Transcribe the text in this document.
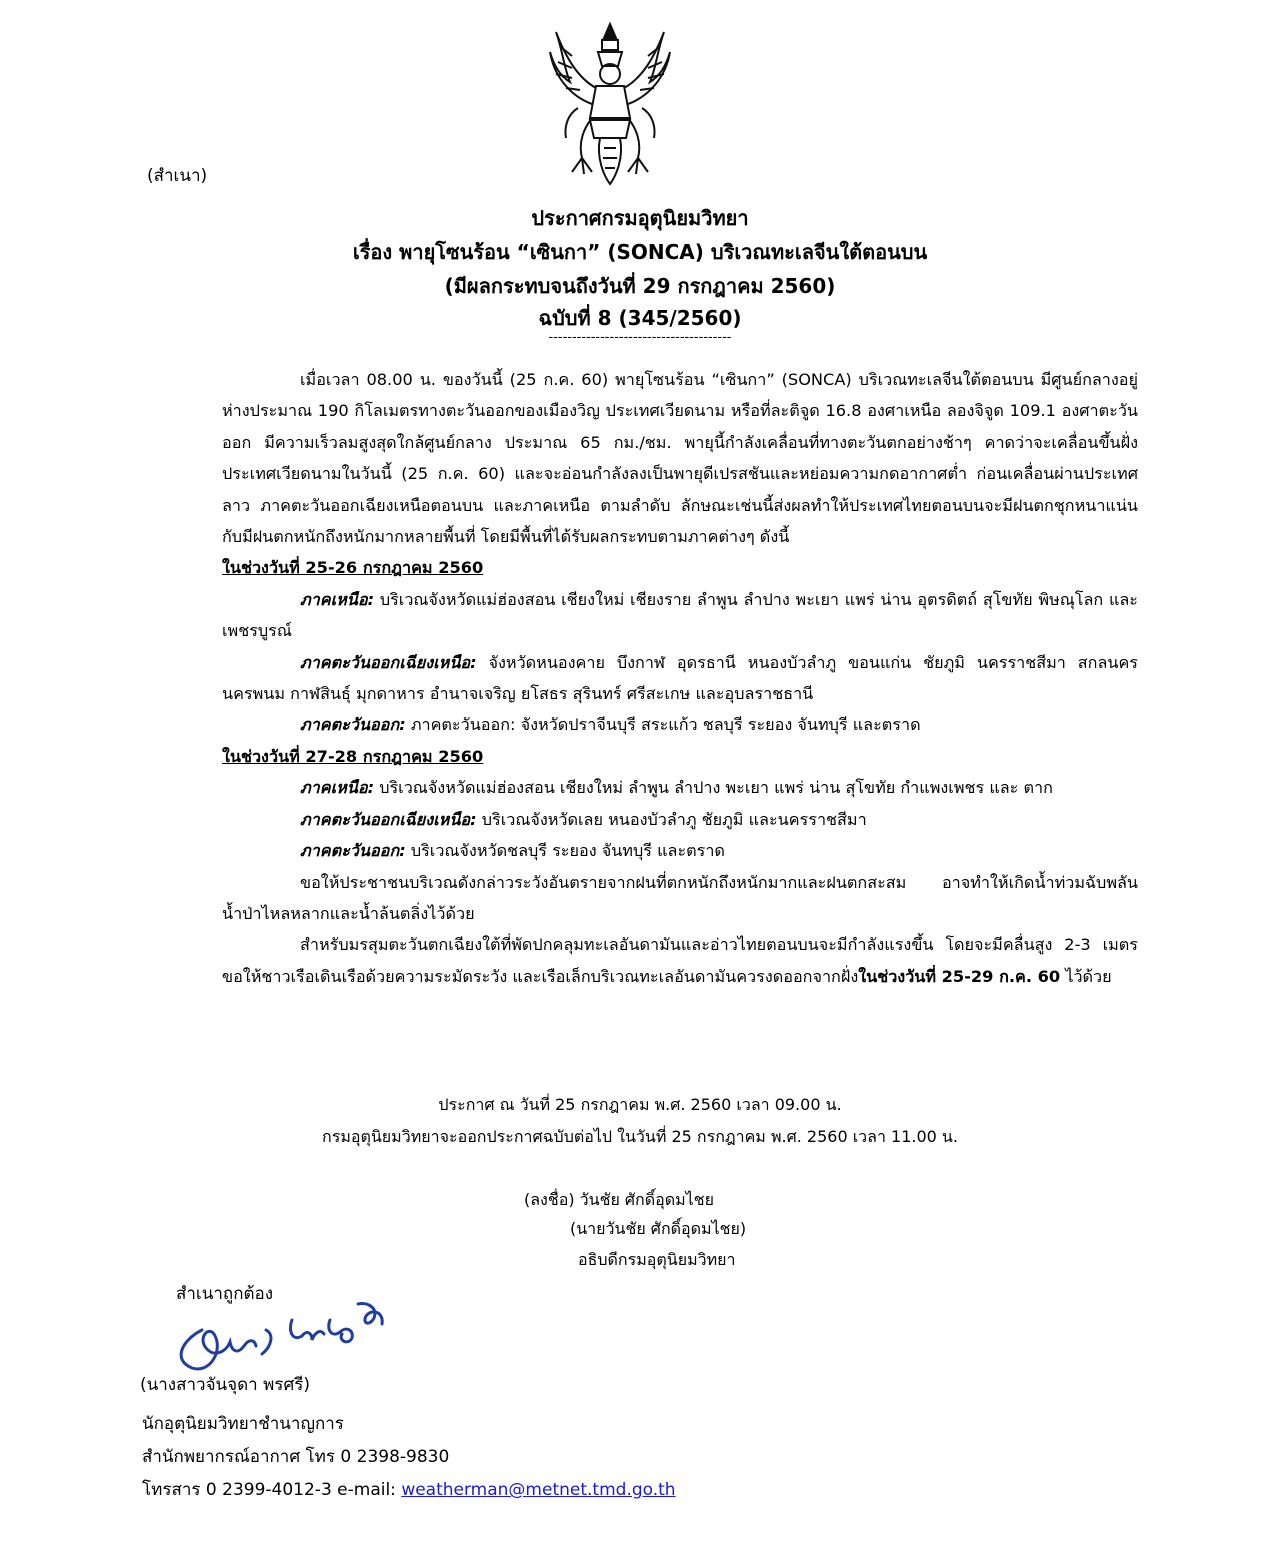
(สำเนา)
ประกาศกรมอุตุนิยมวิทยา
เรื่อง พายุโซนร้อน “เซินกา” (SONCA) บริเวณทะเลจีนใต้ตอนบน
(มีผลกระทบจนถึงวันที่ 29 กรกฎาคม 2560)
ฉบับที่ 8 (345/2560)
---------------------------------------

เมื่อเวลา 08.00 น. ของวันนี้ (25 ก.ค. 60) พายุโซนร้อน “เซินกา” (SONCA) บริเวณทะเลจีนใต้ตอนบน มีศูนย์กลางอยู่ห่างประมาณ 190 กิโลเมตรทางตะวันออกของเมืองวิญ ประเทศเวียดนาม หรือที่ละติจูด 16.8 องศาเหนือ ลองจิจูด 109.1 องศาตะวันออก มีความเร็วลมสูงสุดใกล้ศูนย์กลาง ประมาณ 65 กม./ชม. พายุนี้กำลังเคลื่อนที่ทางตะวันตกอย่างช้าๆ คาดว่าจะเคลื่อนขึ้นฝั่งประเทศเวียดนามในวันนี้ (25 ก.ค. 60) และจะอ่อนกำลังลงเป็นพายุดีเปรสชันและหย่อมความกดอากาศต่ำ ก่อนเคลื่อนผ่านประเทศลาว ภาคตะวันออกเฉียงเหนือตอนบน และภาคเหนือ ตามลำดับ ลักษณะเช่นนี้ส่งผลทำให้ประเทศไทยตอนบนจะมีฝนตกชุกหนาแน่น กับมีฝนตกหนักถึงหนักมากหลายพื้นที่ โดยมีพื้นที่ได้รับผลกระทบตามภาคต่างๆ ดังนี้

ในช่วงวันที่ 25-26 กรกฎาคม 2560

ภาคเหนือ: บริเวณจังหวัดแม่ฮ่องสอน เชียงใหม่ เชียงราย ลำพูน ลำปาง พะเยา แพร่ น่าน อุตรดิตถ์ สุโขทัย พิษณุโลก และ เพชรบูรณ์

ภาคตะวันออกเฉียงเหนือ: จังหวัดหนองคาย บึงกาฬ อุดรธานี หนองบัวลำภู ขอนแก่น ชัยภูมิ นครราชสีมา สกลนคร นครพนม กาฬสินธุ์ มุกดาหาร อำนาจเจริญ ยโสธร สุรินทร์ ศรีสะเกษ และอุบลราชธานี

ภาคตะวันออก: ภาคตะวันออก: จังหวัดปราจีนบุรี สระแก้ว ชลบุรี ระยอง จันทบุรี และตราด

ในช่วงวันที่ 27-28 กรกฎาคม 2560

ภาคเหนือ: บริเวณจังหวัดแม่ฮ่องสอน เชียงใหม่ ลำพูน ลำปาง พะเยา แพร่ น่าน สุโขทัย กำแพงเพชร และ ตาก

ภาคตะวันออกเฉียงเหนือ: บริเวณจังหวัดเลย หนองบัวลำภู ชัยภูมิ และนครราชสีมา

ภาคตะวันออก: บริเวณจังหวัดชลบุรี ระยอง จันทบุรี และตราด

ขอให้ประชาชนบริเวณดังกล่าวระวังอันตรายจากฝนที่ตกหนักถึงหนักมากและฝนตกสะสม อาจทำให้เกิดน้ำท่วมฉับพลัน น้ำป่าไหลหลากและน้ำล้นตลิ่งไว้ด้วย

สำหรับมรสุมตะวันตกเฉียงใต้ที่พัดปกคลุมทะเลอันดามันและอ่าวไทยตอนบนจะมีกำลังแรงขึ้น โดยจะมีคลื่นสูง 2-3 เมตร ขอให้ชาวเรือเดินเรือด้วยความระมัดระวัง และเรือเล็กบริเวณทะเลอันดามันควรงดออกจากฝั่งในช่วงวันที่ 25-29 ก.ค. 60 ไว้ด้วย

ประกาศ ณ วันที่ 25 กรกฎาคม พ.ศ. 2560 เวลา 09.00 น.
กรมอุตุนิยมวิทยาจะออกประกาศฉบับต่อไป ในวันที่ 25 กรกฎาคม พ.ศ. 2560 เวลา 11.00 น.
(ลงชื่อ) วันชัย ศักดิ์อุดมไชย
(นายวันชัย ศักดิ์อุดมไชย)
อธิบดีกรมอุตุนิยมวิทยา
สำเนาถูกต้อง
(นางสาวจันจุดา พรศรี)
นักอุตุนิยมวิทยาชำนาญการ
สำนักพยากรณ์อากาศ โทร 0 2398-9830
โทรสาร 0 2399-4012-3 e-mail: weatherman@metnet.tmd.go.th
